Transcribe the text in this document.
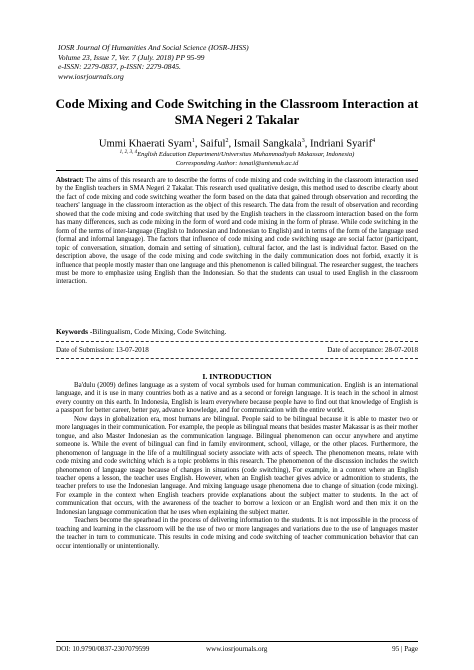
IOSR Journal Of Humanities And Social Science (IOSR-JHSS)
Volume 23, Issue 7, Ver. 7 (July. 2018) PP 95-99
e-ISSN: 2279-0837, p-ISSN: 2279-0845.
www.iosrjournals.org
Code Mixing and Code Switching in the Classroom Interaction at SMA Negeri 2 Takalar
Ummi Khaerati Syam$^1$, Saiful$^2$, Ismail Sangkala$^3$, Indriani Syarif$^4$
$^{1, 2, 3, 4}$English Education Department/Universitas Muhammadiyah Makassar, Indonesia)
Corresponding Author: ismail@unismuh.ac.id
Abstract: The aims of this research are to describe the forms of code mixing and code switching in the classroom interaction used by the English teachers in SMA Negeri 2 Takalar. This research used qualitative design, this method used to describe clearly about the fact of code mixing and code switching weather the form based on the data that gained through observation and recording the teachers' language in the classroom interaction as the object of this research. The data from the result of observation and recording showed that the code mixing and code switching that used by the English teachers in the classroom interaction based on the form has many differences, such as code mixing in the form of word and code mixing in the form of phrase. While code switching in the form of the terms of inter-language (English to Indonesian and Indonesian to English) and in terms of the form of the language used (formal and informal language). The factors that influence of code mixing and code switching usage are social factor (participant, topic of conversation, situation, domain and setting of situation), cultural factor, and the last is individual factor. Based on the description above, the usage of the code mixing and code switching in the daily communication does not forbid, exactly it is influence that people mostly master than one language and this phenomenon is called bilingual. The researcher suggest, the teachers must be more to emphasize using English than the Indonesian. So that the students can usual to used English in the classroom interaction.
Keywords -Bilingualism, Code Mixing, Code Switching.
Date of Submission: 13-07-2018	Date of acceptance: 28-07-2018
I. INTRODUCTION

Ba'dulu (2009) defines language as a system of vocal symbols used for human communication. English is an international language, and it is use in many countries both as a native and as a second or foreign language. It is teach in the school in almost every country on this earth. In Indonesia, English is learn everywhere because people have to find out that knowledge of English is a passport for better career, better pay, advance knowledge, and for communication with the entire world.

Now days in globalization era, most humans are bilingual. People said to be bilingual because it is able to master two or more languages in their communication. For example, the people as bilingual means that besides master Makassar is as their mother tongue, and also Master Indonesian as the communication language. Bilingual phenomenon can occur anywhere and anytime someone is. While the event of bilingual can find in family environment, school, village, or the other places. Furthermore, the phenomenon of language in the life of a multilingual society associate with acts of speech. The phenomenon means, relate with code mixing and code switching which is a topic problems in this research. The phenomenon of the discussion includes the switch phenomenon of language usage because of changes in situations (code switching), For example, in a context where an English teacher opens a lesson, the teacher uses English. However, when an English teacher gives advice or admonition to students, the teacher prefers to use the Indonesian language. And mixing language usage phenomena due to change of situation (code mixing). For example in the context when English teachers provide explanations about the subject matter to students. In the act of communication that occurs, with the awareness of the teacher to borrow a lexicon or an English word and then mix it on the Indonesian language communication that he uses when explaining the subject matter.

Teachers become the spearhead in the process of delivering information to the students. It is not impossible in the process of teaching and learning in the classroom will be the use of two or more languages and variations due to the use of languages master the teacher in turn to communicate. This results in code mixing and code switching of teacher communication behavior that can occur intentionally or unintentionally.

DOI: 10.9790/0837-2307079599	www.iosrjournals.org	95 | Page
